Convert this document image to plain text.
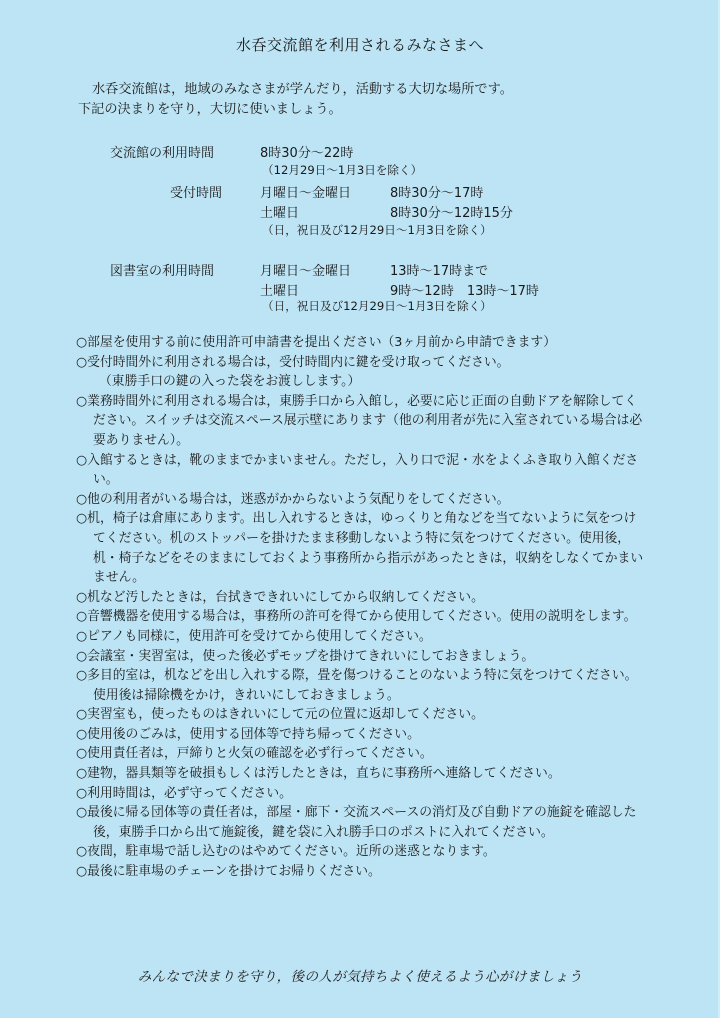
水呑交流館を利用されるみなさまへ
水呑交流館は，地域のみなさまが学んだり，活動する大切な場所です。
下記の決まりを守り，大切に使いましょう。
交流館の利用時間	8時30分～22時
（12月29日～1月3日を除く）
受付時間	月曜日～金曜日	8時30分～17時
土曜日	8時30分～12時15分
（日，祝日及び12月29日～1月3日を除く）
図書室の利用時間	月曜日～金曜日	13時～17時まで
土曜日	9時～12時　13時～17時
（日，祝日及び12月29日～1月3日を除く）

○部屋を使用する前に使用許可申請書を提出ください（3ヶ月前から申請できます）

○受付時間外に利用される場合は，受付時間内に鍵を受け取ってください。

（東勝手口の鍵の入った袋をお渡しします。）

○業務時間外に利用される場合は，東勝手口から入館し，必要に応じ正面の自動ドアを解除してください。スイッチは交流スペース展示壁にあります（他の利用者が先に入室されている場合は必要ありません）。

○入館するときは，靴のままでかまいません。ただし，入り口で泥・水をよくふき取り入館ください。

○他の利用者がいる場合は，迷惑がかからないよう気配りをしてください。

○机，椅子は倉庫にあります。出し入れするときは，ゆっくりと角などを当てないように気をつけてください。机のストッパーを掛けたまま移動しないよう特に気をつけてください。使用後，机・椅子などをそのままにしておくよう事務所から指示があったときは，収納をしなくてかまいません。

○机など汚したときは，台拭きできれいにしてから収納してください。

○音響機器を使用する場合は，事務所の許可を得てから使用してください。使用の説明をします。

○ピアノも同様に，使用許可を受けてから使用してください。

○会議室・実習室は，使った後必ずモップを掛けてきれいにしておきましょう。

○多目的室は，机などを出し入れする際，畳を傷つけることのないよう特に気をつけてください。使用後は掃除機をかけ，きれいにしておきましょう。

○実習室も，使ったものはきれいにして元の位置に返却してください。

○使用後のごみは，使用する団体等で持ち帰ってください。

○使用責任者は，戸締りと火気の確認を必ず行ってください。

○建物，器具類等を破損もしくは汚したときは，直ちに事務所へ連絡してください。

○利用時間は，必ず守ってください。

○最後に帰る団体等の責任者は，部屋・廊下・交流スペースの消灯及び自動ドアの施錠を確認した後，東勝手口から出て施錠後，鍵を袋に入れ勝手口のポストに入れてください。

○夜間，駐車場で話し込むのはやめてください。近所の迷惑となります。

○最後に駐車場のチェーンを掛けてお帰りください。

みんなで決まりを守り，後の人が気持ちよく使えるよう心がけましょう
